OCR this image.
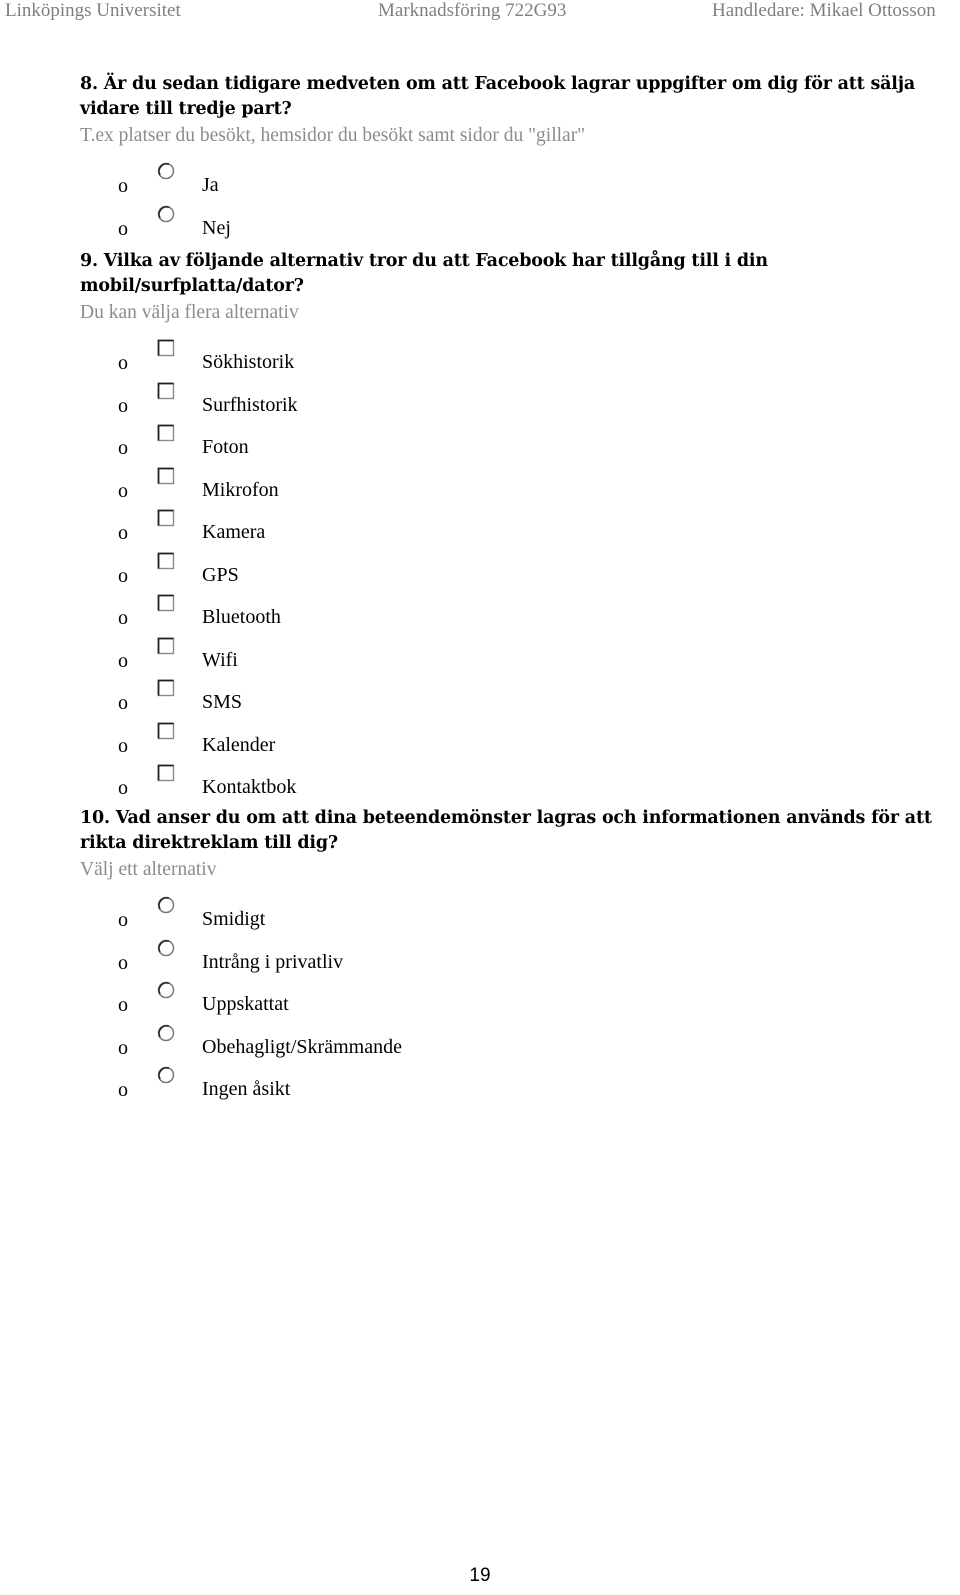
Linköpings Universitet	Marknadsföring 722G93	Handledare: Mikael Ottosson
8. Är du sedan tidigare medveten om att Facebook lagrar uppgifter om dig för att sälja vidare till tredje part?
T.ex platser du besökt, hemsidor du besökt samt sidor du "gillar"
o	Ja
o	Nej
9. Vilka av följande alternativ tror du att Facebook har tillgång till i din mobil/surfplatta/dator?
Du kan välja flera alternativ
o	Sökhistorik
o	Surfhistorik
o	Foton
o	Mikrofon
o	Kamera
o	GPS
o	Bluetooth
o	Wifi
o	SMS
o	Kalender
o	Kontaktbok
10. Vad anser du om att dina beteendemönster lagras och informationen används för att rikta direktreklam till dig?
Välj ett alternativ
o	Smidigt
o	Intrång i privatliv
o	Uppskattat
o	Obehagligt/Skrämmande
o	Ingen åsikt
19
